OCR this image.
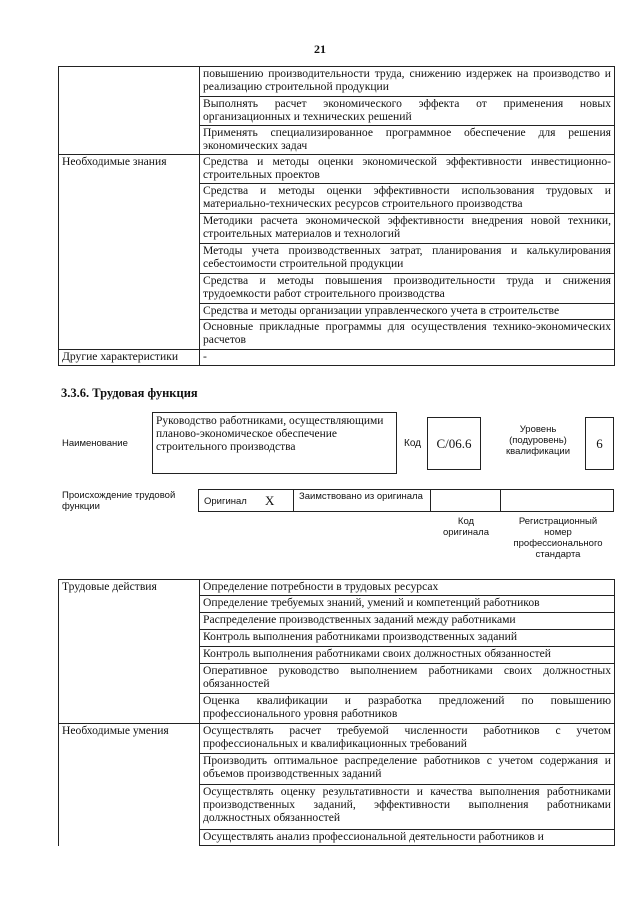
21
	повышению производительности труда, снижению издержек на производство и реализацию строительной продукции
	Выполнять расчет экономического эффекта от применения новых организационных и технических решений
	Применять специализированное программное обеспечение для решения экономических задач
Необходимые знания	Средства и методы оценки экономической эффективности инвестиционно-строительных проектов
	Средства и методы оценки эффективности использования трудовых и материально-технических ресурсов строительного производства
	Методики расчета экономической эффективности внедрения новой техники, строительных материалов и технологий
	Методы учета производственных затрат, планирования и калькулирования себестоимости строительной продукции
	Средства и методы повышения производительности труда и снижения трудоемкости работ строительного производства
	Средства и методы организации управленческого учета в строительстве
	Основные прикладные программы для осуществления технико-экономических расчетов
Другие характеристики	-
3.3.6. Трудовая функция
Наименование
Руководство работниками, осуществляющими планово-экономическое обеспечение строительного производства	Код	С/06.6
Уровень (подуровень) квалификации
6
Происхождение трудовой функции	Оригинал X	Заимствовано из оригинала
Код оригинала
Регистрационный номер профессионального стандарта
Трудовые действия	Определение потребности в трудовых ресурсах
	Определение требуемых знаний, умений и компетенций работников
	Распределение производственных заданий между работниками
	Контроль выполнения работниками производственных заданий
	Контроль выполнения работниками своих должностных обязанностей
	Оперативное руководство выполнением работниками своих должностных обязанностей
	Оценка квалификации и разработка предложений по повышению профессионального уровня работников
Необходимые умения	Осуществлять расчет требуемой численности работников с учетом профессиональных и квалификационных требований
	Производить оптимальное распределение работников с учетом содержания и объемов производственных заданий
	Осуществлять оценку результативности и качества выполнения работниками производственных заданий, эффективности выполнения работниками должностных обязанностей
	Осуществлять анализ профессиональной деятельности работников и
